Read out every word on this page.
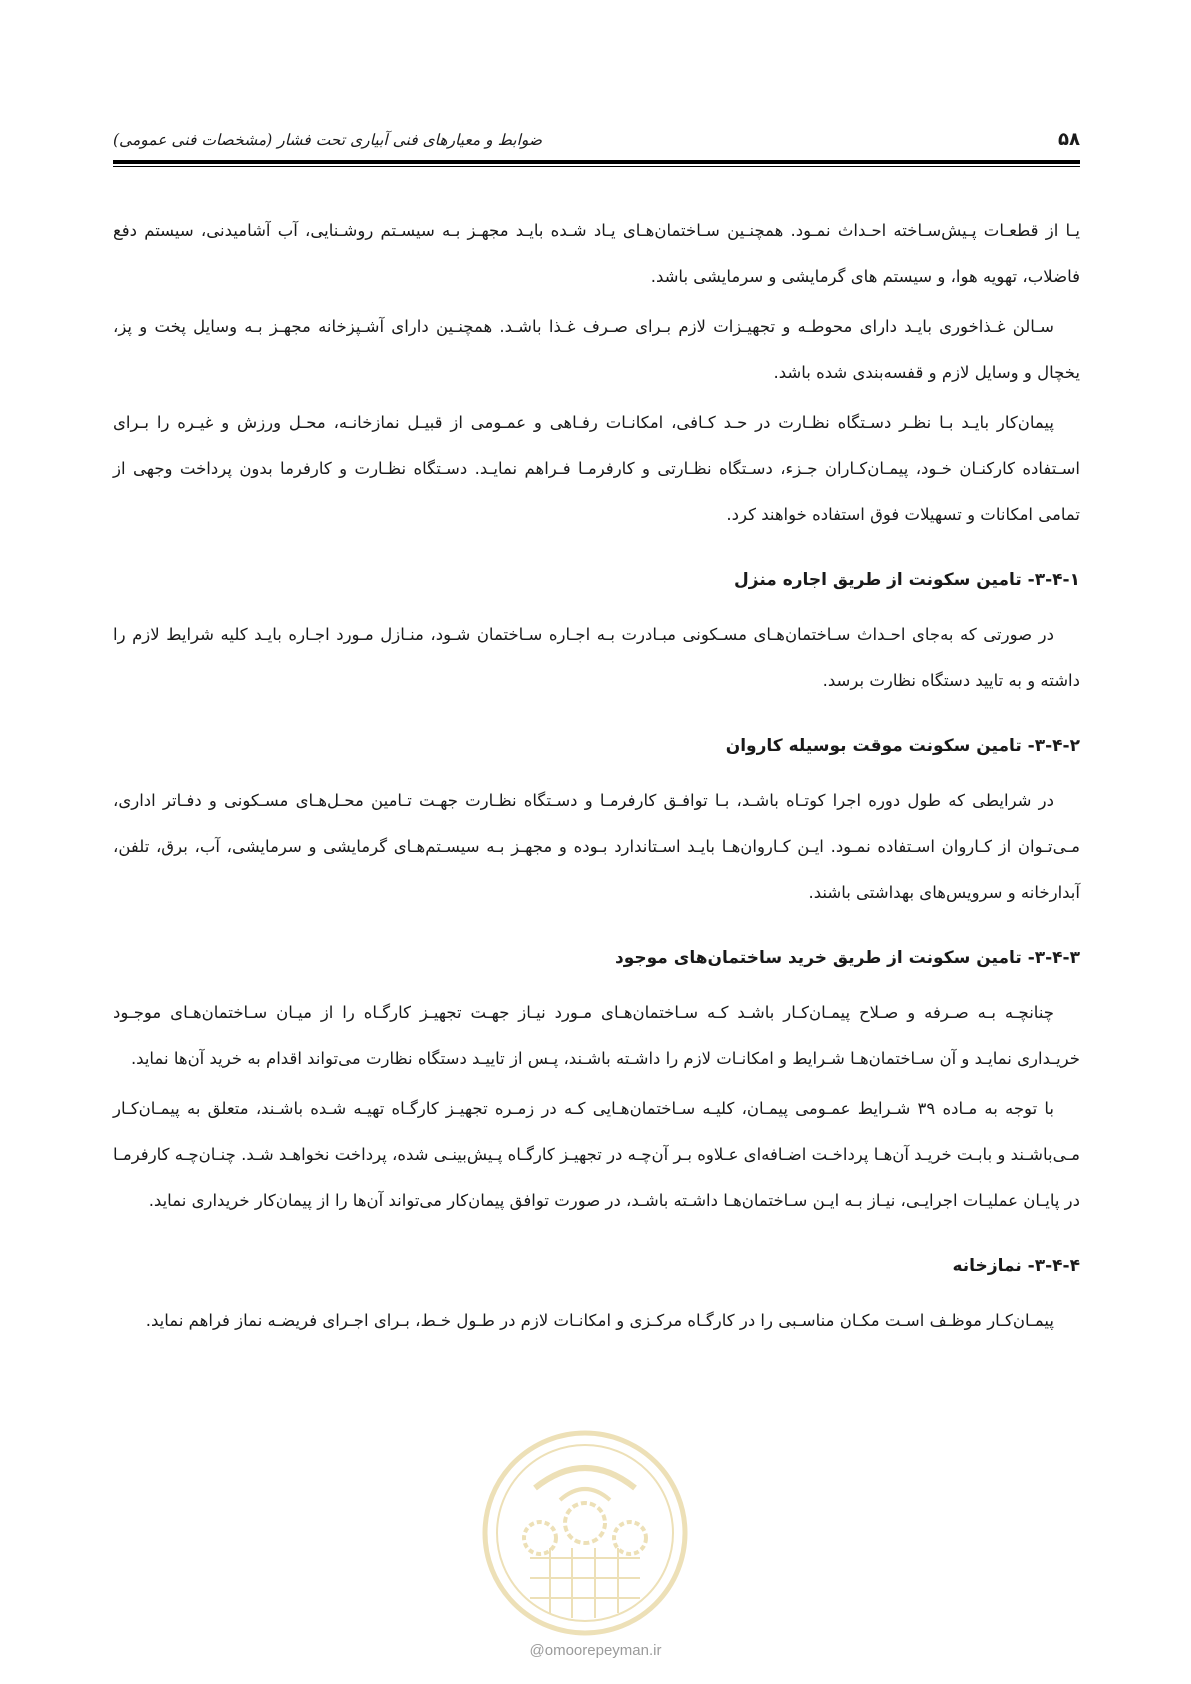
۵۸
ضوابط و معیارهای فنی آبیاری تحت فشار (مشخصات فنی عمومی)

یـا از قطعـات پـیش‌سـاخته احـداث نمـود. همچنـین سـاختمان‌هـای یـاد شـده بایـد مجهـز بـه سیسـتم روشـنایی، آب آشامیدنی، سیستم دفع فاضلاب، تهویه هوا، و سیستم های گرمایشی و سرمایشی باشد.

سـالن غـذاخوری بایـد دارای محوطـه و تجهیـزات لازم بـرای صـرف غـذا باشـد. همچنـین دارای آشـپزخانه مجهـز بـه وسایل پخت و پز، یخچال و وسایل لازم و قفسه‌بندی شده باشد.

پیمان‌کار بایـد بـا نظـر دسـتگاه نظـارت در حـد کـافی، امکانـات رفـاهی و عمـومی از قبیـل نمازخانـه، محـل ورزش و غیـره را بـرای اسـتفاده کارکنـان خـود، پیمـان‌کـاران جـزء، دسـتگاه نظـارتی و کارفرمـا فـراهم نمایـد. دسـتگاه نظـارت و کارفرما بدون پرداخت وجهی از تمامی امکانات و تسهیلات فوق استفاده خواهند کرد.

۳-۴-۱- تامین سکونت از طریق اجاره منزل

در صورتی که به‌جای احـداث سـاختمان‌هـای مسـکونی مبـادرت بـه اجـاره سـاختمان شـود، منـازل مـورد اجـاره بایـد کلیه شرایط لازم را داشته و به تایید دستگاه نظارت برسد.

۳-۴-۲- تامین سکونت موقت بوسیله کاروان

در شرایطی که طول دوره اجرا کوتـاه باشـد، بـا توافـق کارفرمـا و دسـتگاه نظـارت جهـت تـامین محـل‌هـای مسـکونی و دفـاتر اداری، مـی‌تـوان از کـاروان اسـتفاده نمـود. ایـن کـاروان‌هـا بایـد اسـتاندارد بـوده و مجهـز بـه سیسـتم‌هـای گرمایشی و سرمایشی، آب، برق، تلفن، آبدارخانه و سرویس‌های بهداشتی باشند.

۳-۴-۳- تامین سکونت از طریق خرید ساختمان‌های موجود

چنانچـه بـه صـرفه و صـلاح پیمـان‌کـار باشـد کـه سـاختمان‌هـای مـورد نیـاز جهـت تجهیـز کارگـاه را از میـان سـاختمان‌هـای موجـود خریـداری نمایـد و آن سـاختمان‌هـا شـرایط و امکانـات لازم را داشـته باشـند، پـس از تاییـد دستگاه نظارت می‌تواند اقدام به خرید آن‌ها نماید.

با توجه به مـاده ۳۹ شـرایط عمـومی پیمـان، کلیـه سـاختمان‌هـایی کـه در زمـره تجهیـز کارگـاه تهیـه شـده باشـند، متعلق به پیمـان‌کـار مـی‌باشـند و بابـت خریـد آن‌هـا پرداخـت اضـافه‌ای عـلاوه بـر آن‌چـه در تجهیـز کارگـاه پـیش‌بینـی شده، پرداخت نخواهـد شـد. چنـان‌چـه کارفرمـا در پایـان عملیـات اجرایـی، نیـاز بـه ایـن سـاختمان‌هـا داشـته باشـد، در صورت توافق پیمان‌کار می‌تواند آن‌ها را از پیمان‌کار خریداری نماید.

۳-۴-۴- نمازخانه

پیمـان‌کـار موظـف اسـت مکـان مناسـبی را در کارگـاه مرکـزی و امکانـات لازم در طـول خـط، بـرای اجـرای فریضـه نماز فراهم نماید.

@omoorepeyman.ir
